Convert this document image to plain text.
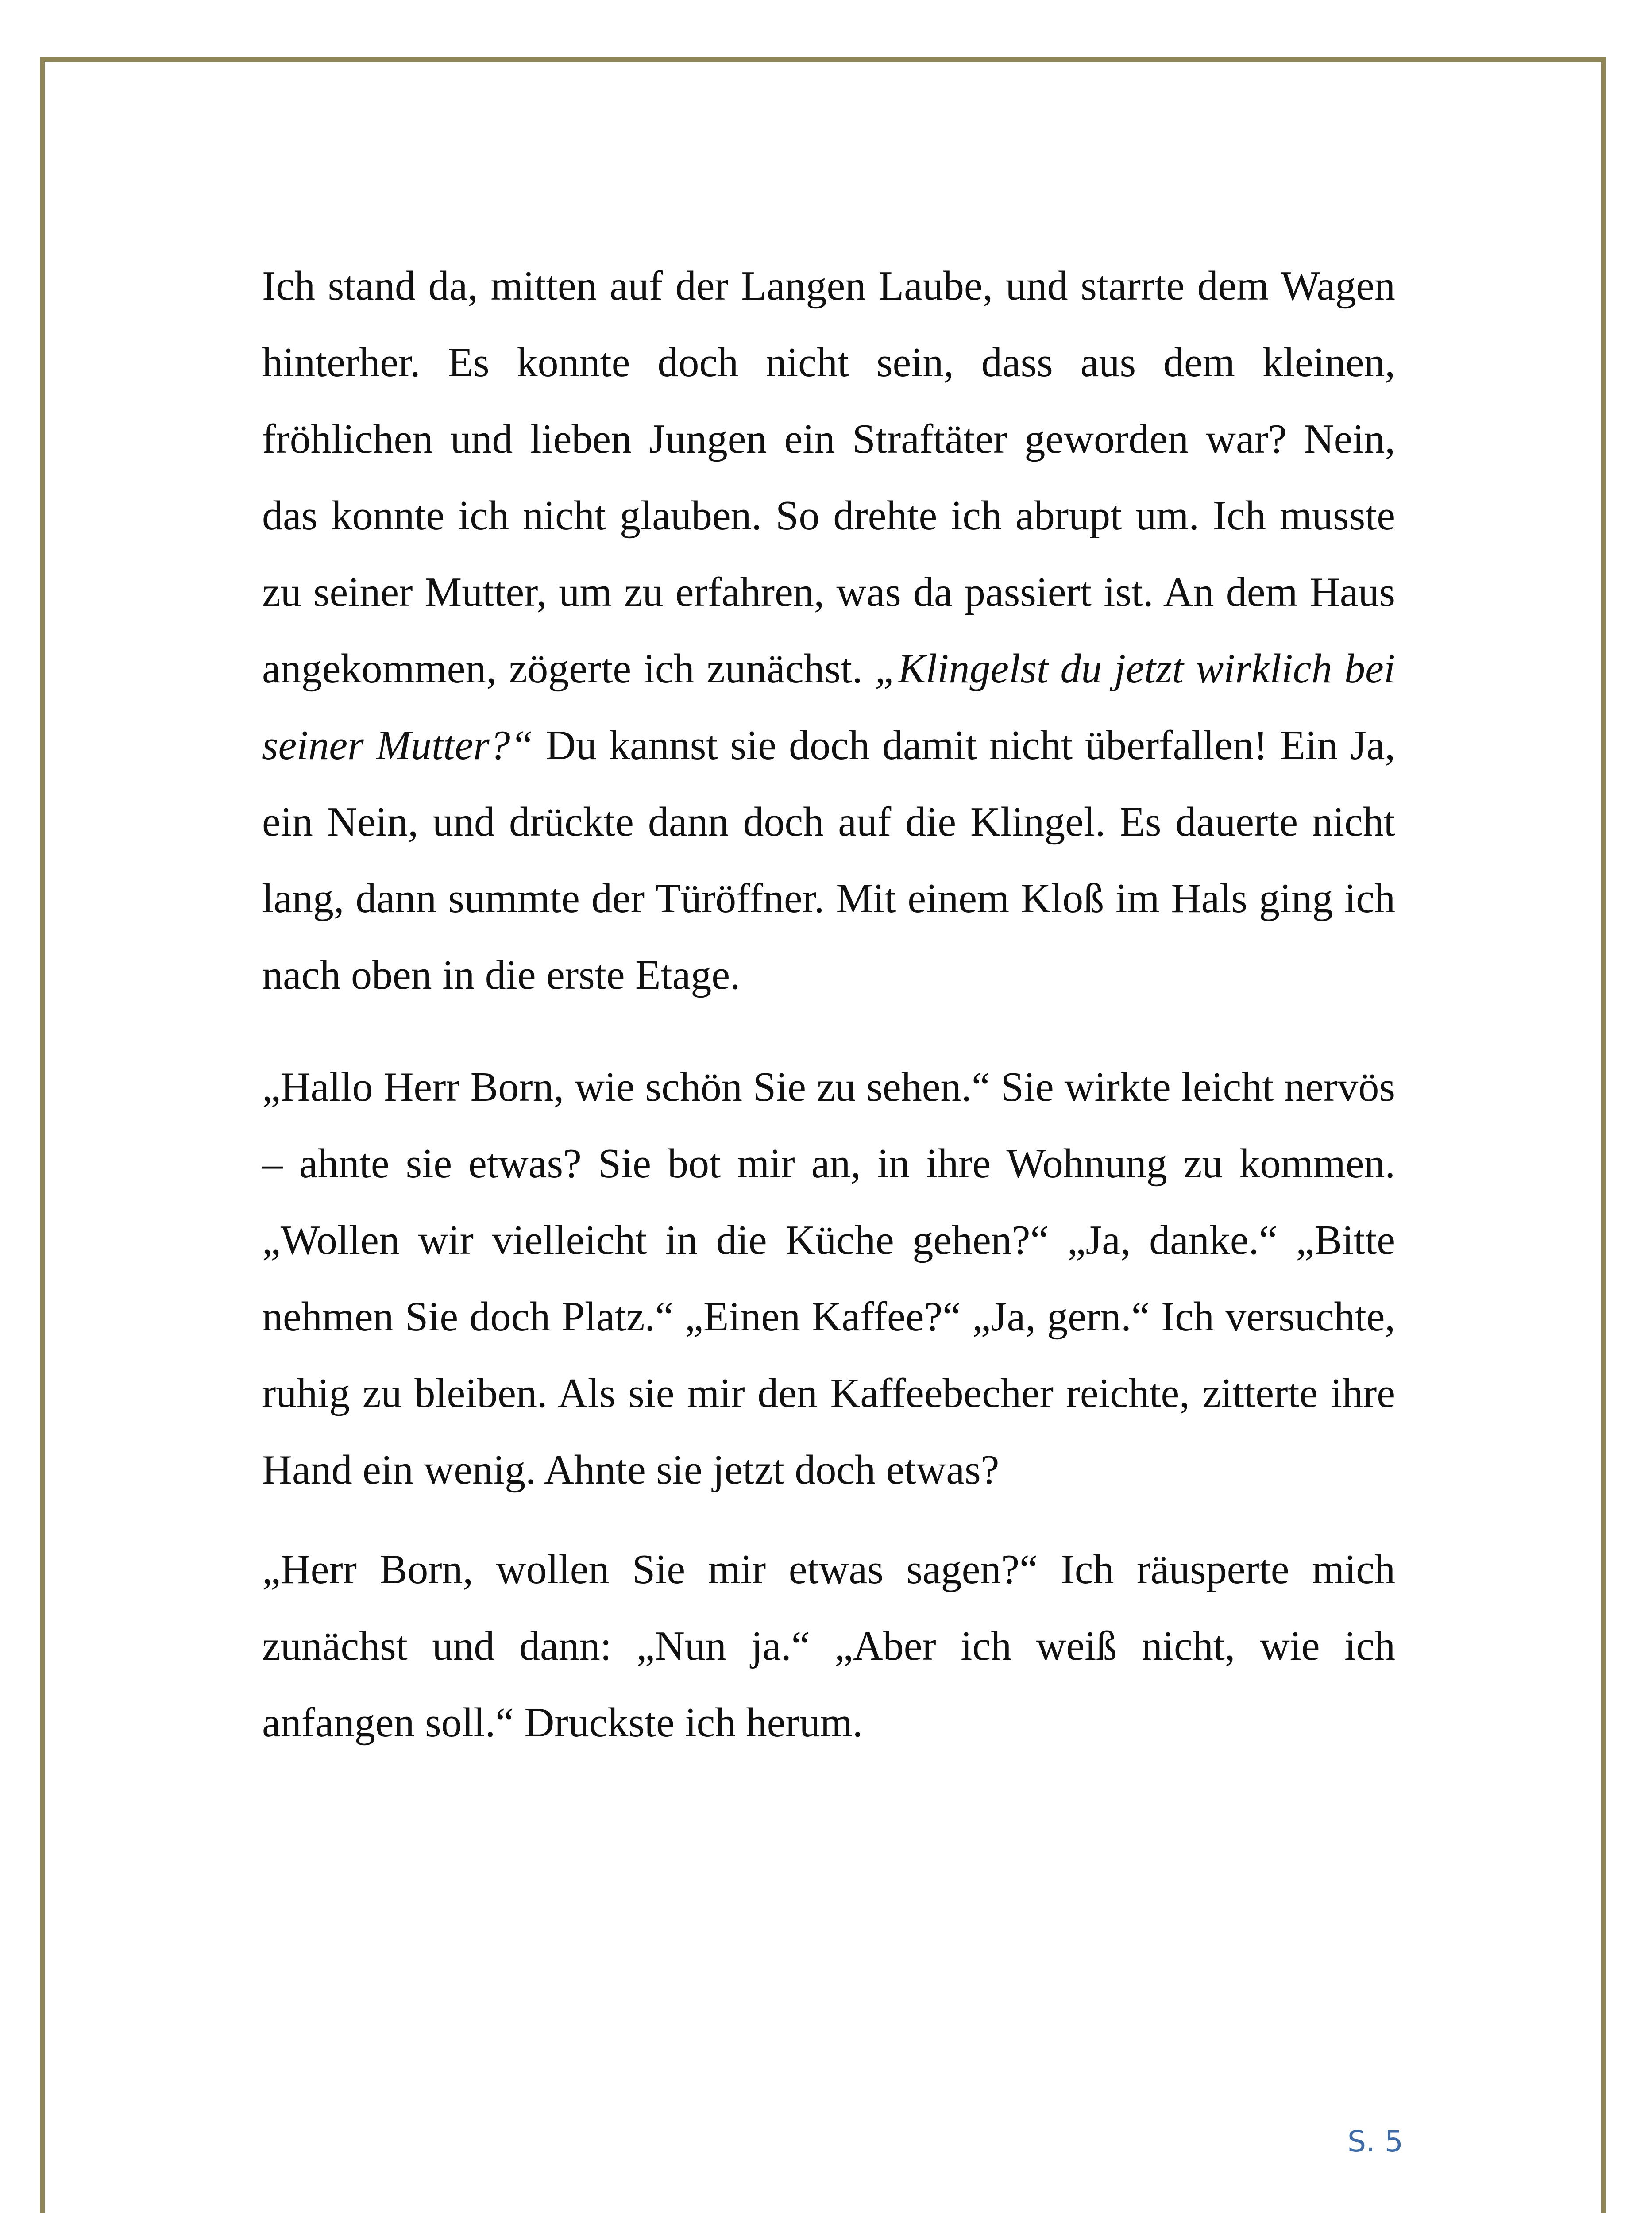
Ich stand da, mitten auf der Langen Laube, und starrte dem Wagen hinterher. Es konnte doch nicht sein, dass aus dem kleinen, fröhlichen und lieben Jungen ein Straftäter geworden war? Nein, das konnte ich nicht glauben. So drehte ich abrupt um. Ich musste zu seiner Mutter, um zu erfahren, was da passiert ist. An dem Haus angekommen, zögerte ich zunächst. „Klingelst du jetzt wirklich bei seiner Mutter?“ Du kannst sie doch damit nicht überfallen! Ein Ja, ein Nein, und drückte dann doch auf die Klingel. Es dauerte nicht lang, dann summte der Türöffner. Mit einem Kloß im Hals ging ich nach oben in die erste Etage.

„Hallo Herr Born, wie schön Sie zu sehen.“ Sie wirkte leicht nervös – ahnte sie etwas? Sie bot mir an, in ihre Wohnung zu kommen. „Wollen wir vielleicht in die Küche gehen?“ „Ja, danke.“ „Bitte nehmen Sie doch Platz.“ „Einen Kaffee?“ „Ja, gern.“ Ich versuchte, ruhig zu bleiben. Als sie mir den Kaffeebecher reichte, zitterte ihre Hand ein wenig. Ahnte sie jetzt doch etwas?

„Herr Born, wollen Sie mir etwas sagen?“ Ich räusperte mich zunächst und dann: „Nun ja.“ „Aber ich weiß nicht, wie ich anfangen soll.“ Druckste ich herum.

S. 5
